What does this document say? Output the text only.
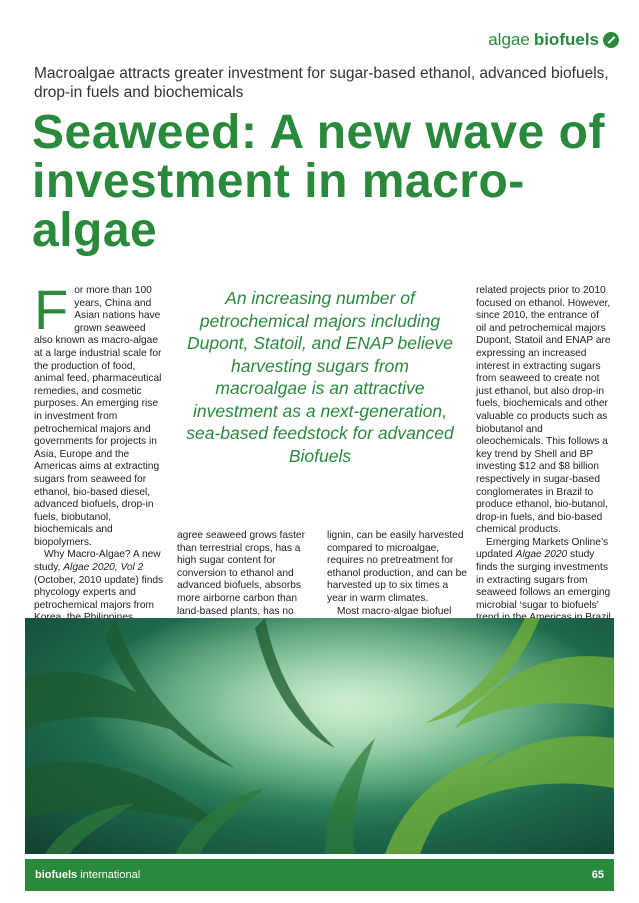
algae biofuels
Macroalgae attracts greater investment for sugar-based ethanol, advanced biofuels, drop-in fuels and biochemicals
Seaweed: A new wave of investment in macro-algae

For more than 100 years, China and Asian nations have grown seaweed also known as macro-algae at a large industrial scale for the production of food, animal feed, pharmaceutical remedies, and cosmetic purposes. An emerging rise in investment from petrochemical majors and governments for projects in Asia, Europe and the Americas aims at extracting sugars from seaweed for ethanol, bio-based diesel, advanced biofuels, drop-in fuels, biobutanol, biochemicals and biopolymers.

Why Macro-Algae? A new study, Algae 2020, Vol 2 (October, 2010 update) finds phycology experts and petrochemical majors from

An increasing number of petrochemical majors including Dupont, Statoil, and ENAP believe harvesting sugars from macroalgae is an attractive investment as a next-generation, sea-based feedstock for advanced Biofuels

agree seaweed grows faster than terrestrial crops, has a high sugar content for conversion to ethanol and advanced biofuels, absorbs more airborne carbon than land-based plants, has no

lignin, can be easily harvested compared to microalgae, requires no pretreatment for ethanol production, and can be harvested up to six times a year in warm climates.

Most macro-algae biofuel

related projects prior to 2010 focused on ethanol. However, since 2010, the entrance of oil and petrochemical majors Dupont, Statoil and ENAP are expressing an increased interest in extracting sugars from seaweed to create not just ethanol, but also drop-in fuels, biochemicals and other valuable co products such as biobutanol and oleochemicals. This follows a key trend by Shell and BP investing $12 and $8 billion respectively in sugar-based conglomerates in Brazil to produce ethanol, bio-butanol, drop-in fuels, and bio-based chemical products.

Emerging Markets Online’s updated Algae 2020 study finds the surging investments in extracting sugars from seaweed follows an emerging microbial ‘sugar to biofuels’

biofuels international	65
